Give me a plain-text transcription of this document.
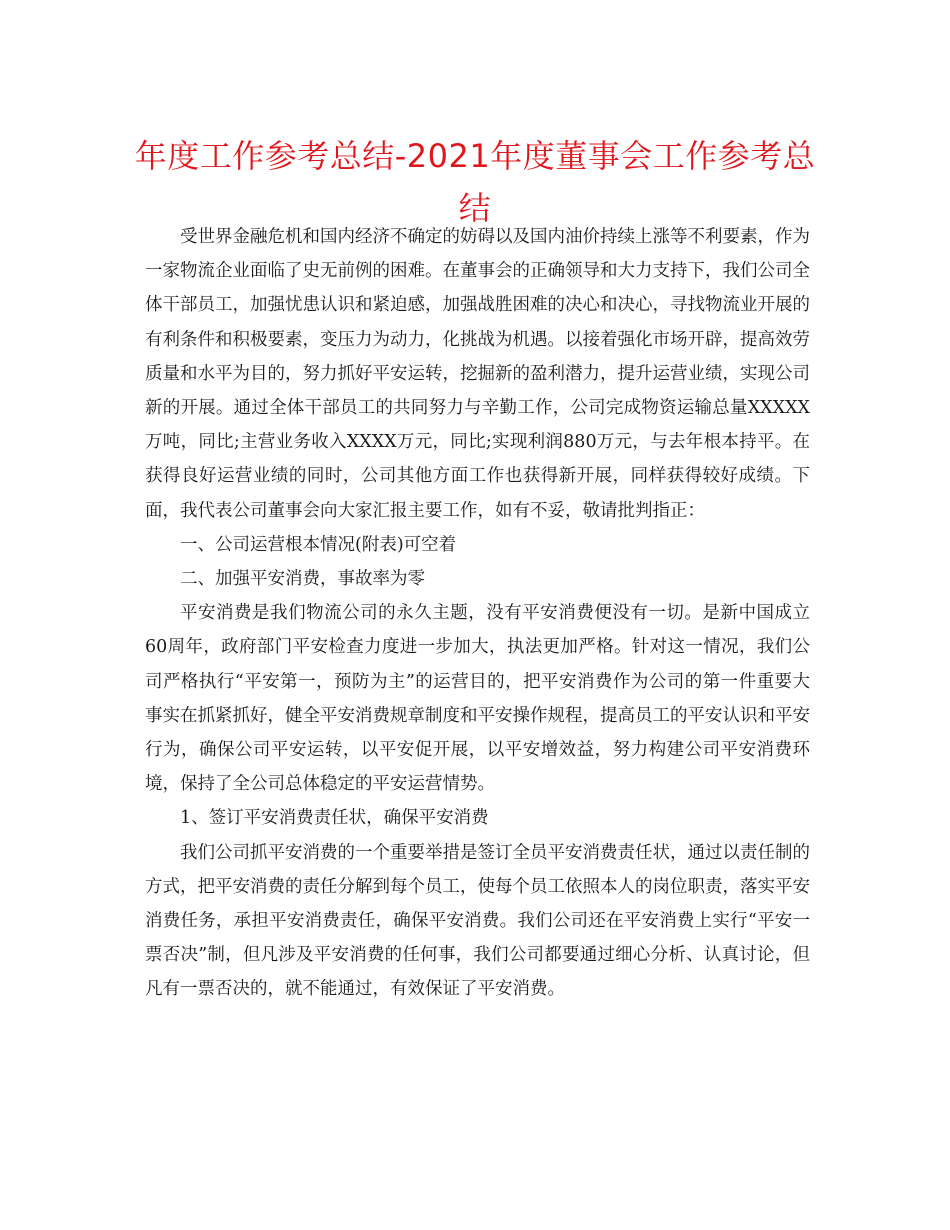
年度工作参考总结-2021年度董事会工作参考总结

受世界金融危机和国内经济不确定的妨碍以及国内油价持续上涨等不利要素，作为一家物流企业面临了史无前例的困难。在董事会的正确领导和大力支持下，我们公司全体干部员工，加强忧患认识和紧迫感，加强战胜困难的决心和决心，寻找物流业开展的有利条件和积极要素，变压力为动力，化挑战为机遇。以接着强化市场开辟，提高效劳质量和水平为目的，努力抓好平安运转，挖掘新的盈利潜力，提升运营业绩，实现公司新的开展。通过全体干部员工的共同努力与辛勤工作，公司完成物资运输总量XXXXX万吨，同比;主营业务收入XXXX万元，同比;实现利润880万元，与去年根本持平。在获得良好运营业绩的同时，公司其他方面工作也获得新开展，同样获得较好成绩。下面，我代表公司董事会向大家汇报主要工作，如有不妥，敬请批判指正：

一、公司运营根本情况(附表)可空着

二、加强平安消费，事故率为零

平安消费是我们物流公司的永久主题，没有平安消费便没有一切。是新中国成立60周年，政府部门平安检查力度进一步加大，执法更加严格。针对这一情况，我们公司严格执行“平安第一，预防为主”的运营目的，把平安消费作为公司的第一件重要大事实在抓紧抓好，健全平安消费规章制度和平安操作规程，提高员工的平安认识和平安行为，确保公司平安运转，以平安促开展，以平安增效益，努力构建公司平安消费环境，保持了全公司总体稳定的平安运营情势。

1、签订平安消费责任状，确保平安消费

我们公司抓平安消费的一个重要举措是签订全员平安消费责任状，通过以责任制的方式，把平安消费的责任分解到每个员工，使每个员工依照本人的岗位职责，落实平安消费任务，承担平安消费责任，确保平安消费。我们公司还在平安消费上实行“平安一票否决”制，但凡涉及平安消费的任何事，我们公司都要通过细心分析、认真讨论，但凡有一票否决的，就不能通过，有效保证了平安消费。
